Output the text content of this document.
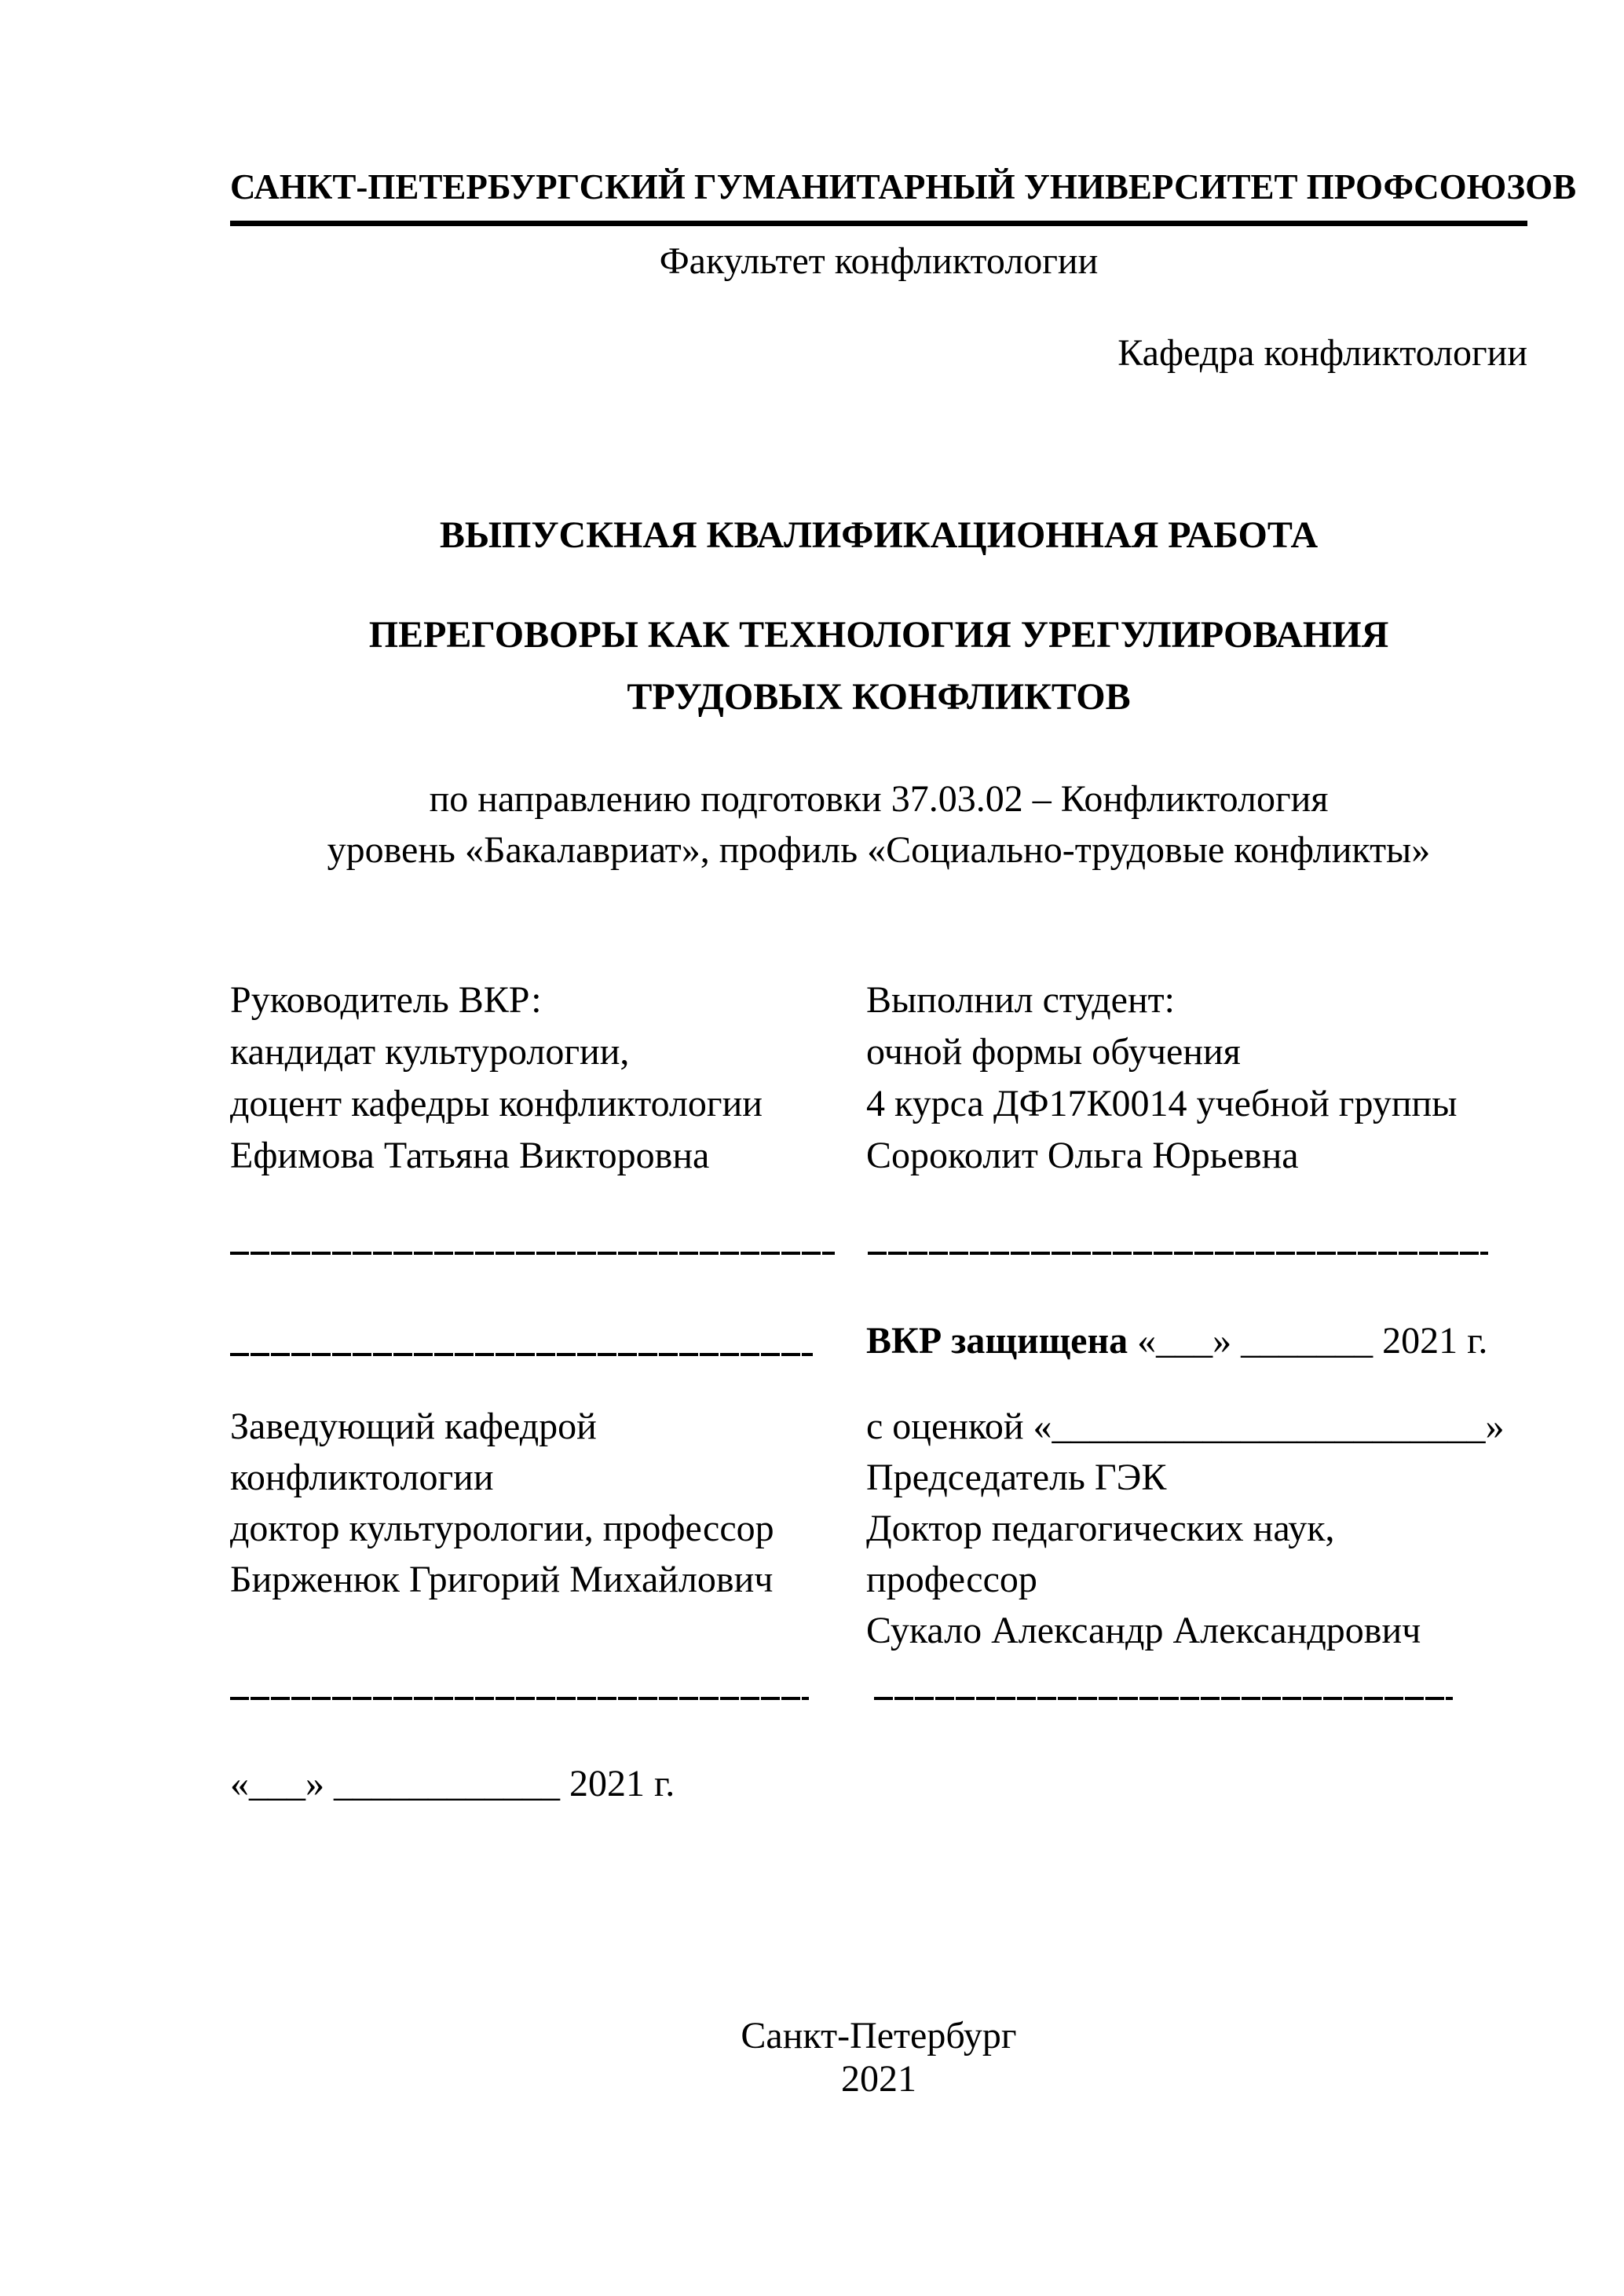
САНКТ-ПЕТЕРБУРГСКИЙ ГУМАНИТАРНЫЙ УНИВЕРСИТЕТ ПРОФСОЮЗОВ
Факультет конфликтологии
Кафедра конфликтологии
ВЫПУСКНАЯ КВАЛИФИКАЦИОННАЯ РАБОТА
ПЕРЕГОВОРЫ КАК ТЕХНОЛОГИЯ УРЕГУЛИРОВАНИЯ
ТРУДОВЫХ КОНФЛИКТОВ
по направлению подготовки 37.03.02 – Конфликтология
уровень «Бакалавриат», профиль «Социально-трудовые конфликты»
Руководитель ВКР:
кандидат культурологии,
доцент кафедры конфликтологии
Ефимова Татьяна Викторовна
Выполнил студент:
очной формы обучения
4 курса ДФ17К0014 учебной группы
Сороколит Ольга Юрьевна
ВКР защищена «___» _______ 2021 г.
Заведующий кафедрой
конфликтологии
доктор культурологии, профессор
Бирженюк Григорий Михайлович
с оценкой «_______________________»
Председатель ГЭК
Доктор педагогических наук,
профессор
Сукало Александр Александрович
«___» ____________ 2021 г.
Санкт-Петербург
2021
